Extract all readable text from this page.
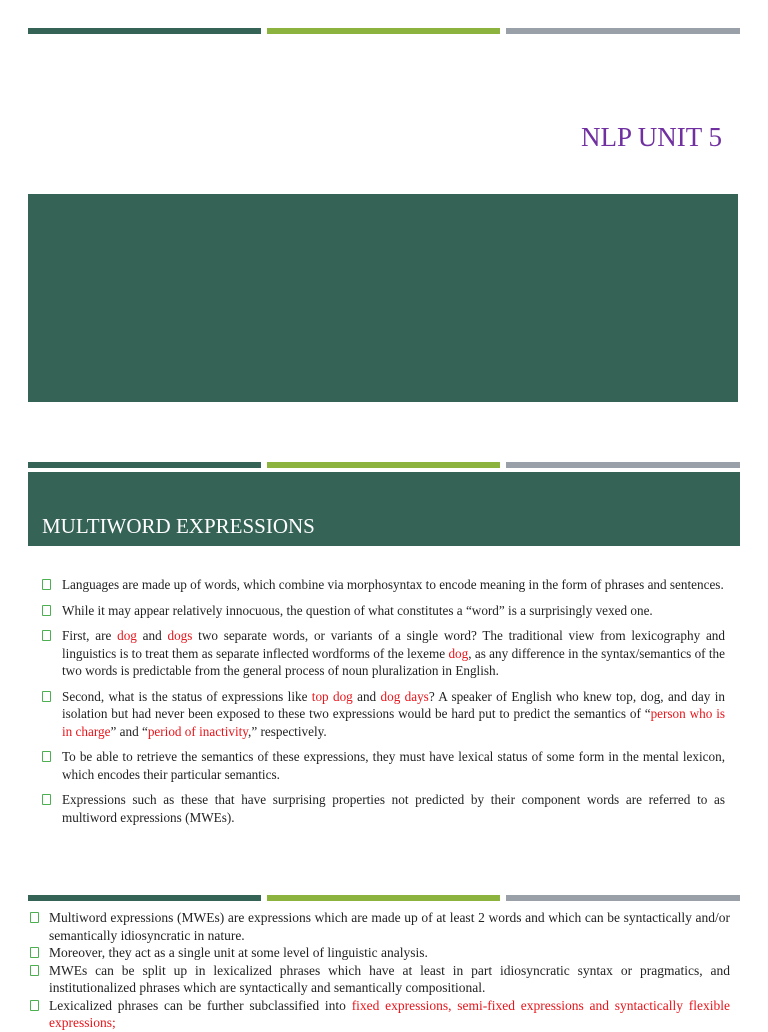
NLP UNIT 5
MULTIWORD EXPRESSIONS
Languages are made up of words, which combine via morphosyntax to encode meaning in the form of phrases and sentences.
While it may appear relatively innocuous, the question of what constitutes a “word” is a surprisingly vexed one.
First, are dog and dogs two separate words, or variants of a single word? The traditional view from lexicography and linguistics is to treat them as separate inflected wordforms of the lexeme dog, as any difference in the syntax/semantics of the two words is predictable from the general process of noun pluralization in English.
Second, what is the status of expressions like top dog and dog days? A speaker of English who knew top, dog, and day in isolation but had never been exposed to these two expressions would be hard put to predict the semantics of “person who is in charge” and “period of inactivity,” respectively.
To be able to retrieve the semantics of these expressions, they must have lexical status of some form in the mental lexicon, which encodes their particular semantics.
Expressions such as these that have surprising properties not predicted by their component words are referred to as multiword expressions (MWEs).
Multiword expressions (MWEs) are expressions which are made up of at least 2 words and which can be syntactically and/or semantically idiosyncratic in nature.
Moreover, they act as a single unit at some level of linguistic analysis.
MWEs can be split up in lexicalized phrases which have at least in part idiosyncratic syntax or pragmatics, and institutionalized phrases which are syntactically and semantically compositional.
Lexicalized phrases can be further subclassified into fixed expressions, semi-fixed expressions and syntactically flexible expressions;
